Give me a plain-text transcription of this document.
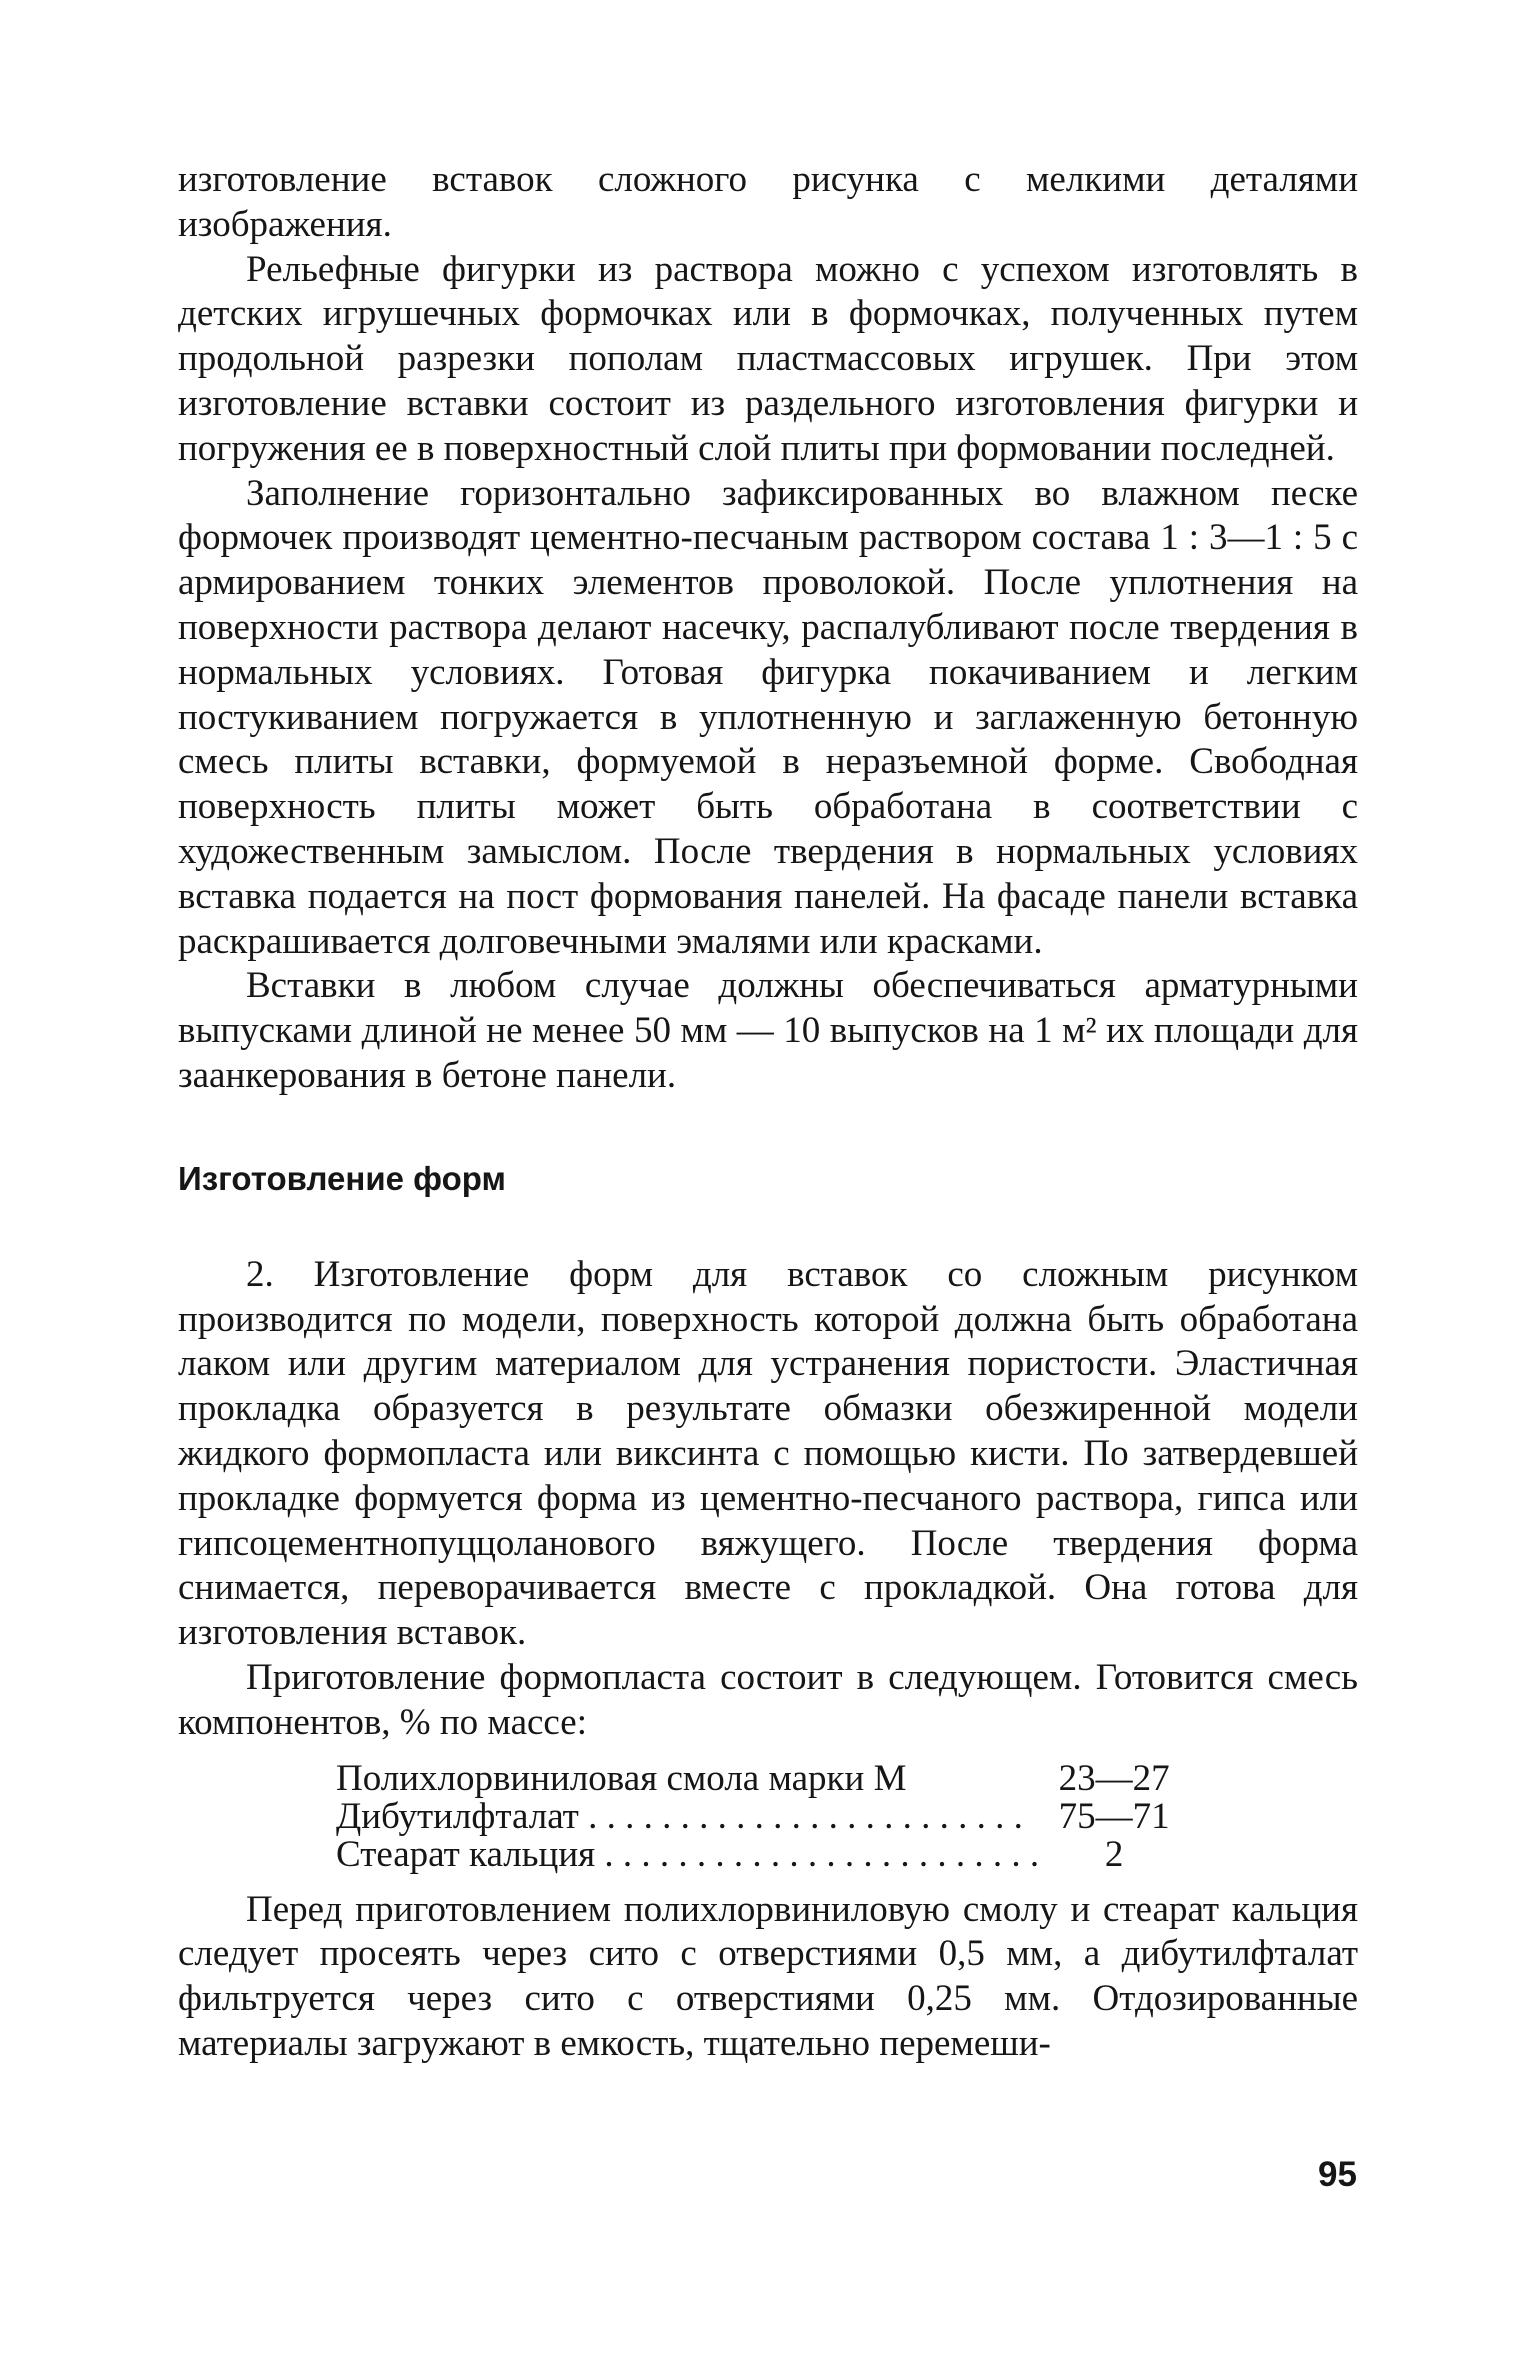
изготовление вставок сложного рисунка с мелкими деталями изображения.

Рельефные фигурки из раствора можно с успехом изготовлять в детских игрушечных формочках или в формочках, полученных путем продольной разрезки пополам пластмассовых игрушек. При этом изготовление вставки состоит из раздельного изготовления фигурки и погружения ее в поверхностный слой плиты при формовании последней.

Заполнение горизонтально зафиксированных во влажном песке формочек производят цементно-песчаным раствором состава 1 : 3—1 : 5 с армированием тонких элементов проволокой. После уплотнения на поверхности раствора делают насечку, распалубливают после твердения в нормальных условиях. Готовая фигурка покачиванием и легким постукиванием погружается в уплотненную и заглаженную бетонную смесь плиты вставки, формуемой в неразъемной форме. Свободная поверхность плиты может быть обработана в соответствии с художественным замыслом. После твердения в нормальных условиях вставка подается на пост формования панелей. На фасаде панели вставка раскрашивается долговечными эмалями или красками.

Вставки в любом случае должны обеспечиваться арматурными выпусками длиной не менее 50 мм — 10 выпусков на 1 м² их площади для заанкерования в бетоне панели.

Изготовление форм

2. Изготовление форм для вставок со сложным рисунком производится по модели, поверхность которой должна быть обработана лаком или другим материалом для устранения пористости. Эластичная прокладка образуется в результате обмазки обезжиренной модели жидкого формопласта или виксинта с помощью кисти. По затвердевшей прокладке формуется форма из цементно-песчаного раствора, гипса или гипсоцементнопуццоланового вяжущего. После твердения форма снимается, переворачивается вместе с прокладкой. Она готова для изготовления вставок.

Приготовление формопласта состоит в следующем. Готовится смесь компонентов, % по массе:

Полихлорвиниловая смола марки М	23—27
Дибутилфталат . . .	75—71
Стеарат кальция . . .	2

Перед приготовлением полихлорвиниловую смолу и стеарат кальция следует просеять через сито с отверстиями 0,5 мм, а дибутилфталат фильтруется через сито с отверстиями 0,25 мм. Отдозированные материалы загружают в емкость, тщательно перемеши-

95
